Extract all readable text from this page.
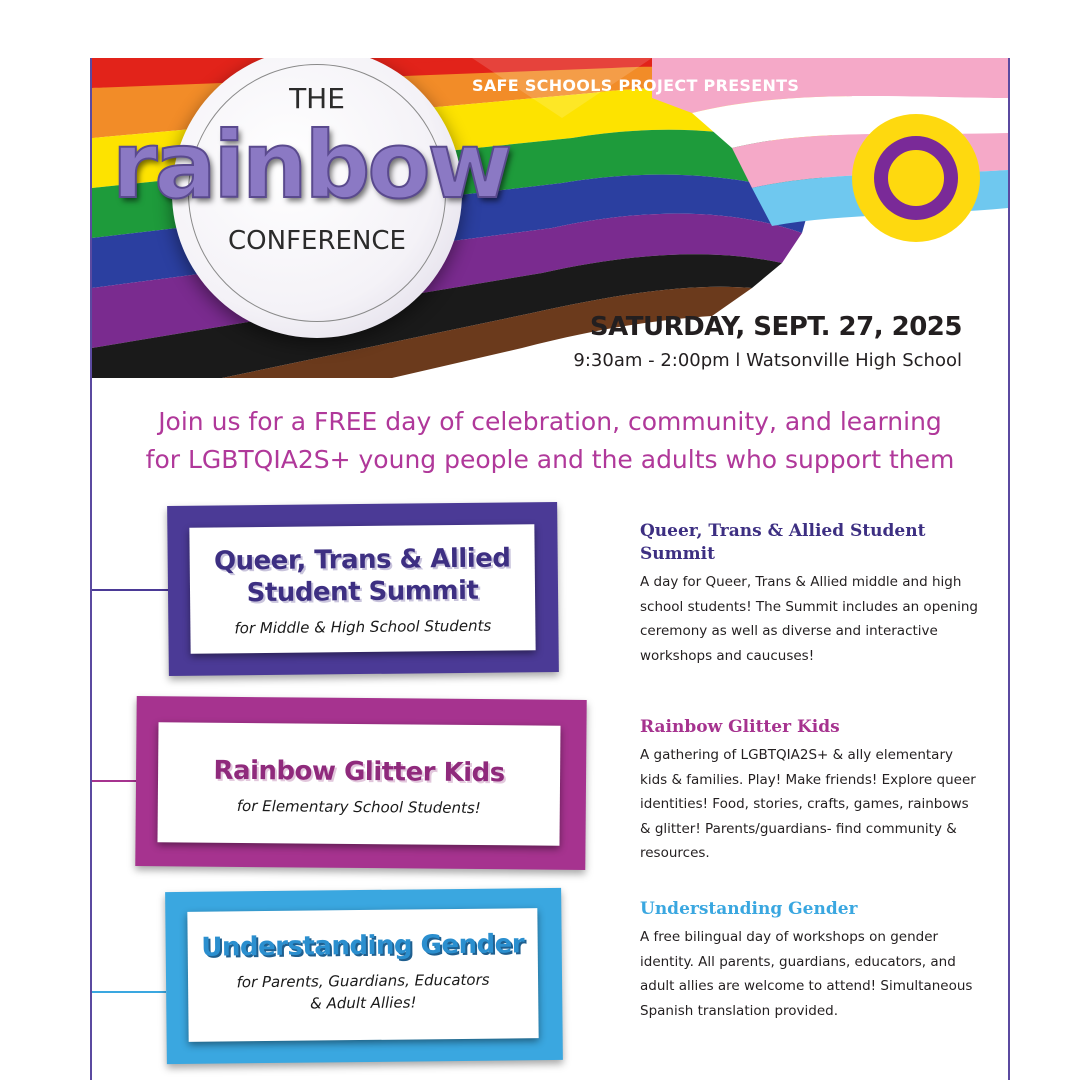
SAFE SCHOOLS PROJECT PRESENTS
THE
rainbow
CONFERENCE
SATURDAY, SEPT. 27, 2025
9:30am - 2:00pm l Watsonville High School
Join us for a FREE day of celebration, community, and learning
for LGBTQIA2S+ young people and the adults who support them
Queer, Trans & Allied
Student Summit
for Middle & High School Students
Rainbow Glitter Kids
for Elementary School Students!
Understanding Gender
for Parents, Guardians, Educators
& Adult Allies!
Queer, Trans & Allied Student Summit
A day for Queer, Trans & Allied middle and high school students! The Summit includes an opening ceremony as well as diverse and interactive workshops and caucuses!
Rainbow Glitter Kids
A gathering of LGBTQIA2S+ & ally elementary kids & families. Play! Make friends! Explore queer identities! Food, stories, crafts, games, rainbows & glitter! Parents/guardians- find community & resources.
Understanding Gender
A free bilingual day of workshops on gender identity. All parents, guardians, educators, and adult allies are welcome to attend! Simultaneous Spanish translation provided.
